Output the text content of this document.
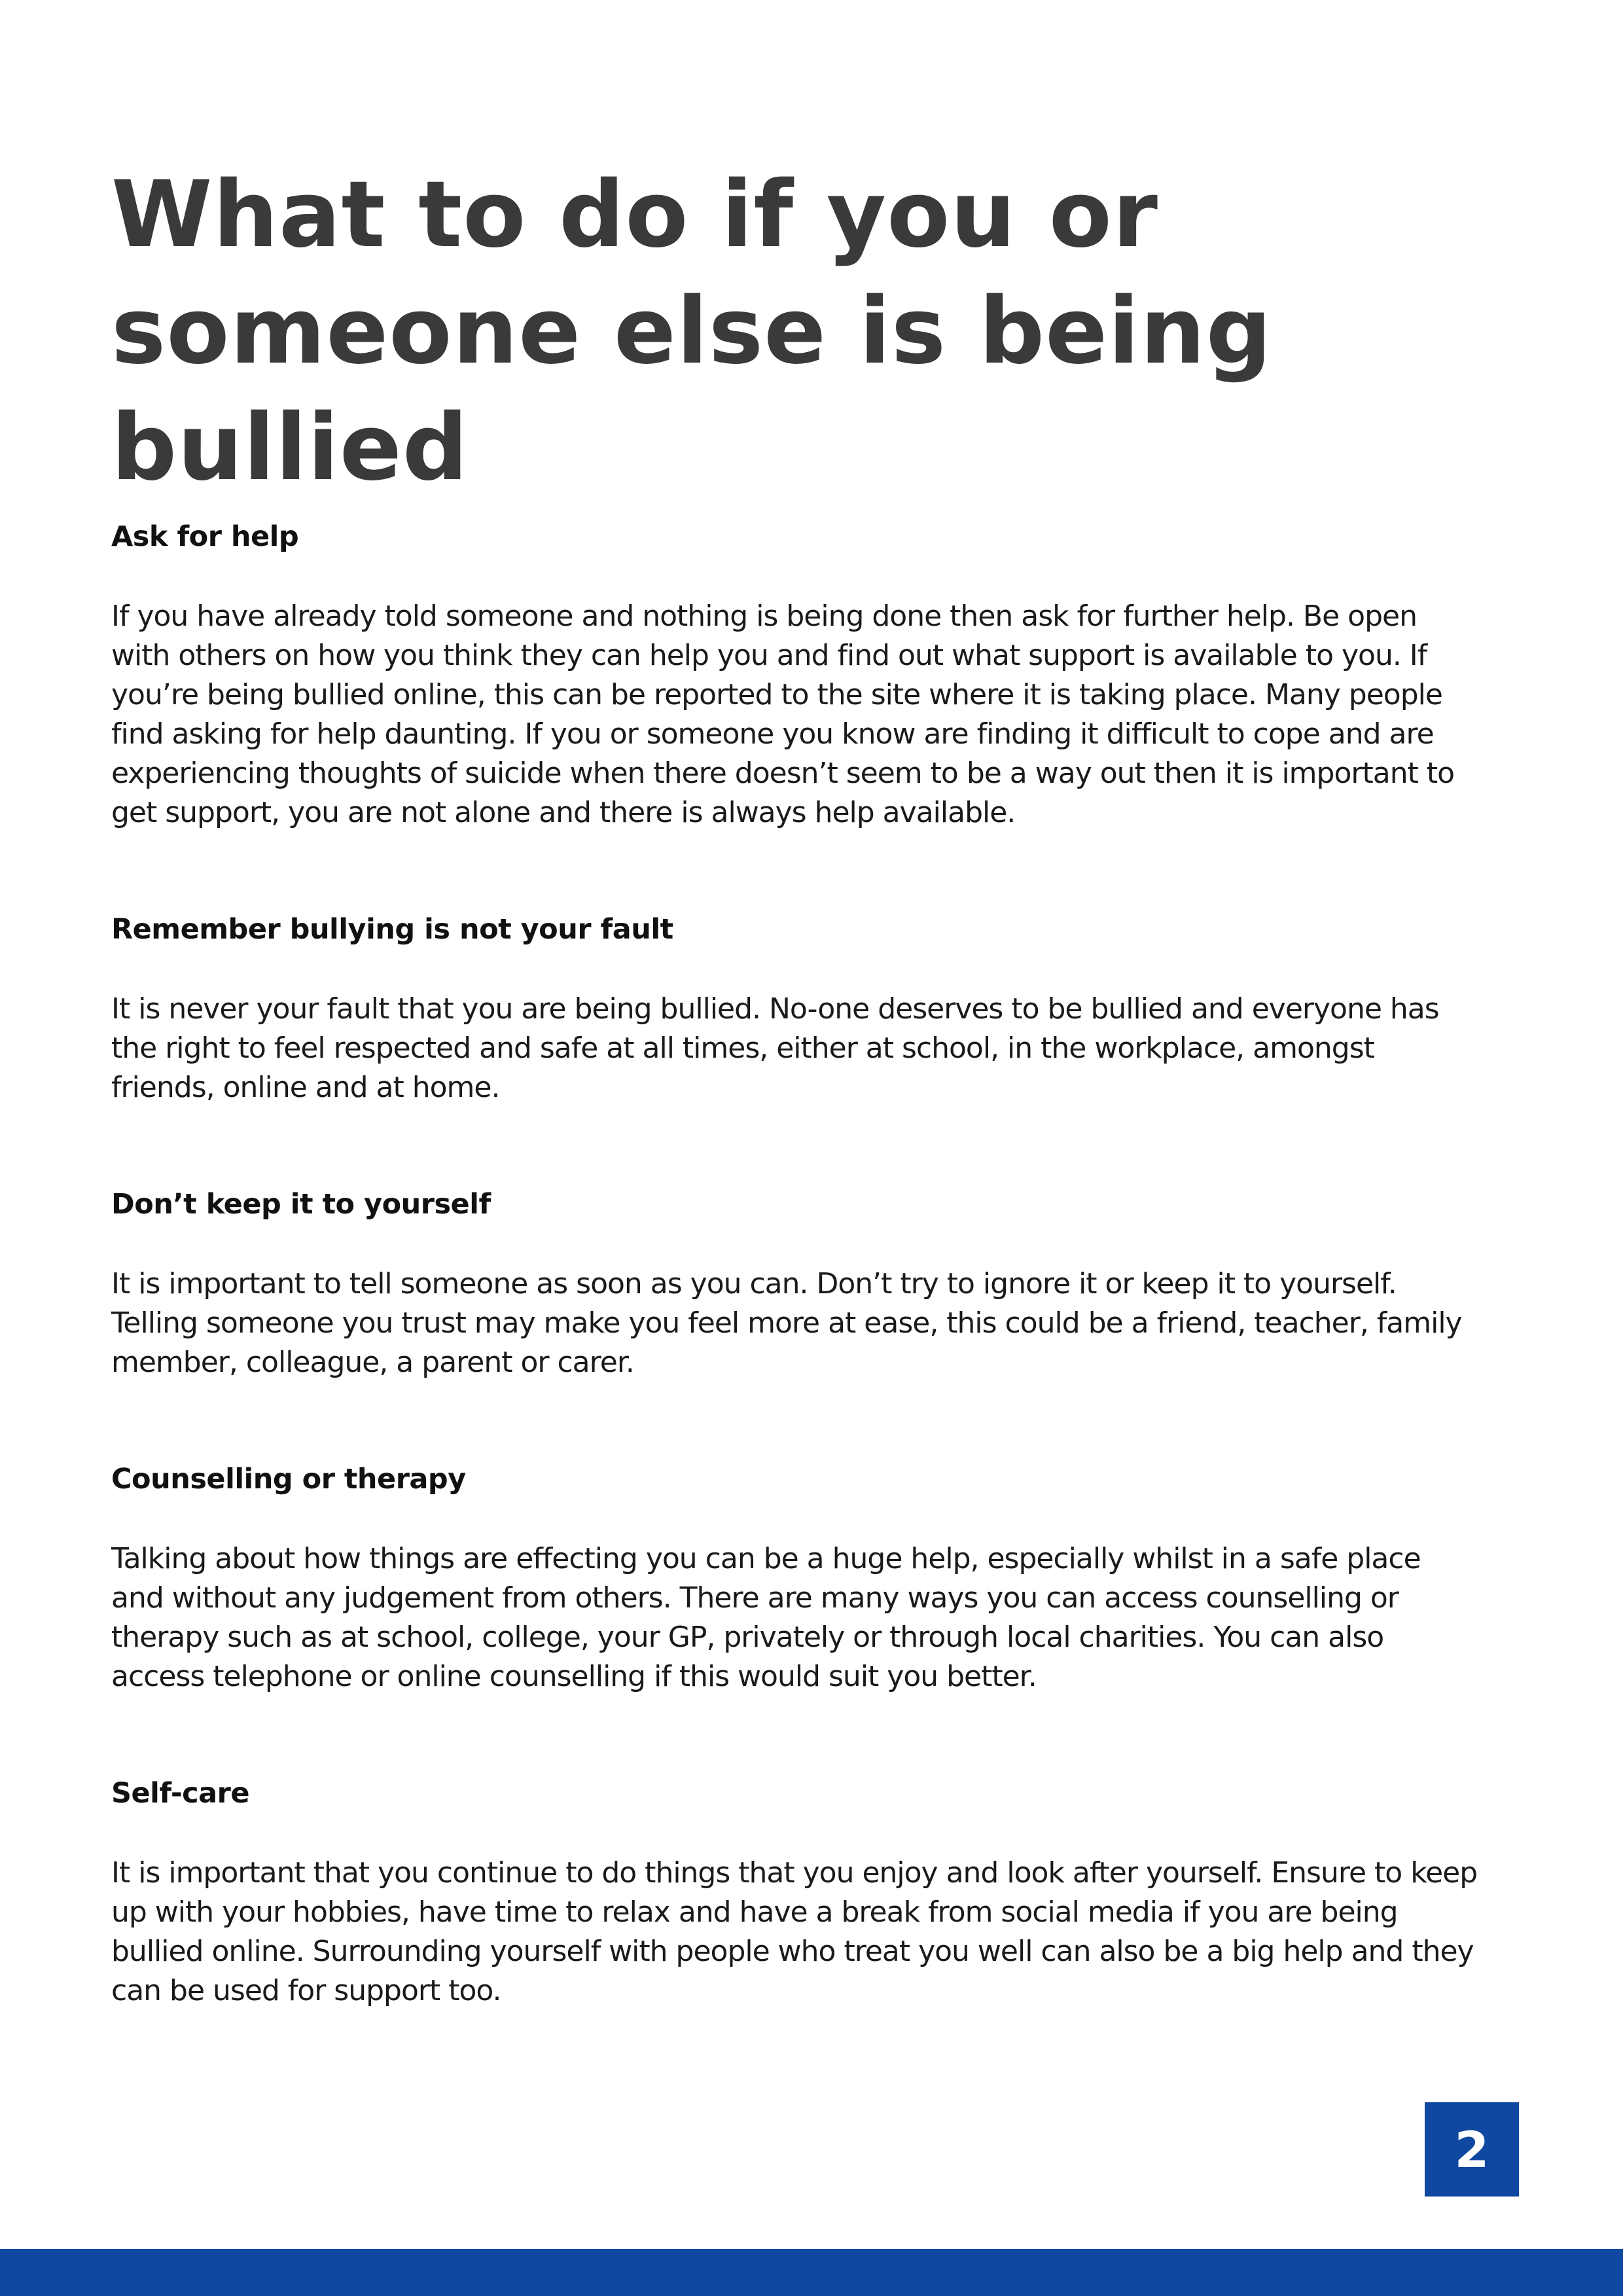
What to do if you or someone else is being bullied
Ask for help

If you have already told someone and nothing is being done then ask for further help. Be open with others on how you think they can help you and find out what support is available to you. If you’re being bullied online, this can be reported to the site where it is taking place. Many people find asking for help daunting. If you or someone you know are finding it difficult to cope and are experiencing thoughts of suicide when there doesn’t seem to be a way out then it is important to get support, you are not alone and there is always help available.

Remember bullying is not your fault

It is never your fault that you are being bullied. No-one deserves to be bullied and everyone has the right to feel respected and safe at all times, either at school, in the workplace, amongst friends, online and at home.

Don’t keep it to yourself

It is important to tell someone as soon as you can. Don’t try to ignore it or keep it to yourself. Telling someone you trust may make you feel more at ease, this could be a friend, teacher, family member, colleague, a parent or carer.

Counselling or therapy

Talking about how things are effecting you can be a huge help, especially whilst in a safe place and without any judgement from others. There are many ways you can access counselling or therapy such as at school, college, your GP, privately or through local charities. You can also access telephone or online counselling if this would suit you better.

Self-care

It is important that you continue to do things that you enjoy and look after yourself. Ensure to keep up with your hobbies, have time to relax and have a break from social media if you are being bullied online. Surrounding yourself with people who treat you well can also be a big help and they can be used for support too.

2
